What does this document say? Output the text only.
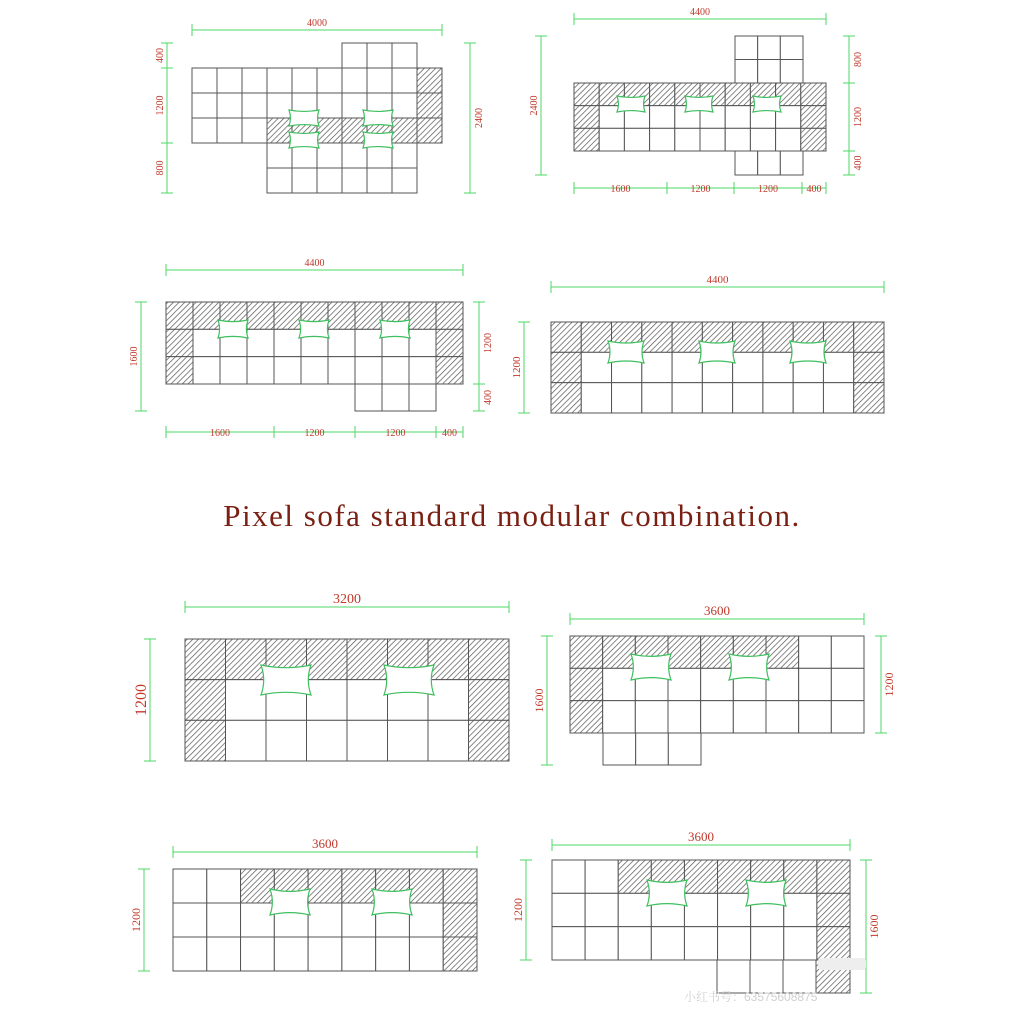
4000
400
1200
800
2400
4400
2400
800
1200
400
1600	1200	1200	400
4400
1600
1200
400
1600	1200	1200	400
4400
1200
3200
1200
3600
1600
1200
3600
1200
3600
1200
1600
Pixel sofa standard modular combination.
小红书号：63575608875
